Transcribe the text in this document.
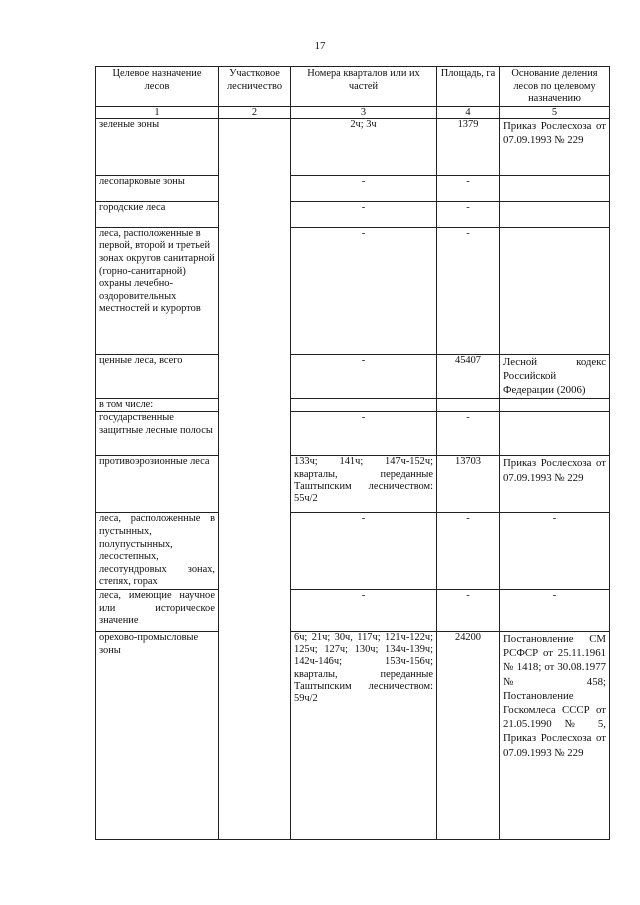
17
Целевое назначение лесов	Участковое лесничество	Номера кварталов или их частей	Площадь, га	Основание деления лесов по целевому назначению
1	2	3	4	5
зеленые зоны		2ч; 3ч	1379	Приказ Рослесхоза от 07.09.1993 № 229
лесопарковые зоны		-	-	
городские леса		-	-	
леса, расположенные в первой, второй и третьей зонах округов санитарной (горно-санитарной) охраны лечебно-оздоровительных местностей и курортов		-	-	
ценные леса, всего		-	45407	Лесной кодекс Российской Федерации (2006)
в том числе:				
государственные защитные лесные полосы		-	-	
противоэрозионные леса		133ч; 141ч; 147ч-152ч; кварталы, переданные Таштыпским лесничеством: 55ч/2	13703	Приказ Рослесхоза от 07.09.1993 № 229
леса, расположенные в пустынных, полупустынных, лесостепных, лесотундровых зонах, степях, горах		-	-	-
леса, имеющие научное или историческое значение		-	-	-
орехово-промысловые зоны		6ч; 21ч; 30ч, 117ч; 121ч-122ч; 125ч; 127ч; 130ч; 134ч-139ч; 142ч-146ч; 153ч-156ч; кварталы, переданные Таштыпским лесничеством: 59ч/2	24200	Постановление СМ РСФСР от 25.11.1961 № 1418; от 30.08.1977 № 458; Постановление Госкомлеса СССР от 21.05.1990 № 5, Приказ Рослесхоза от 07.09.1993 № 229
